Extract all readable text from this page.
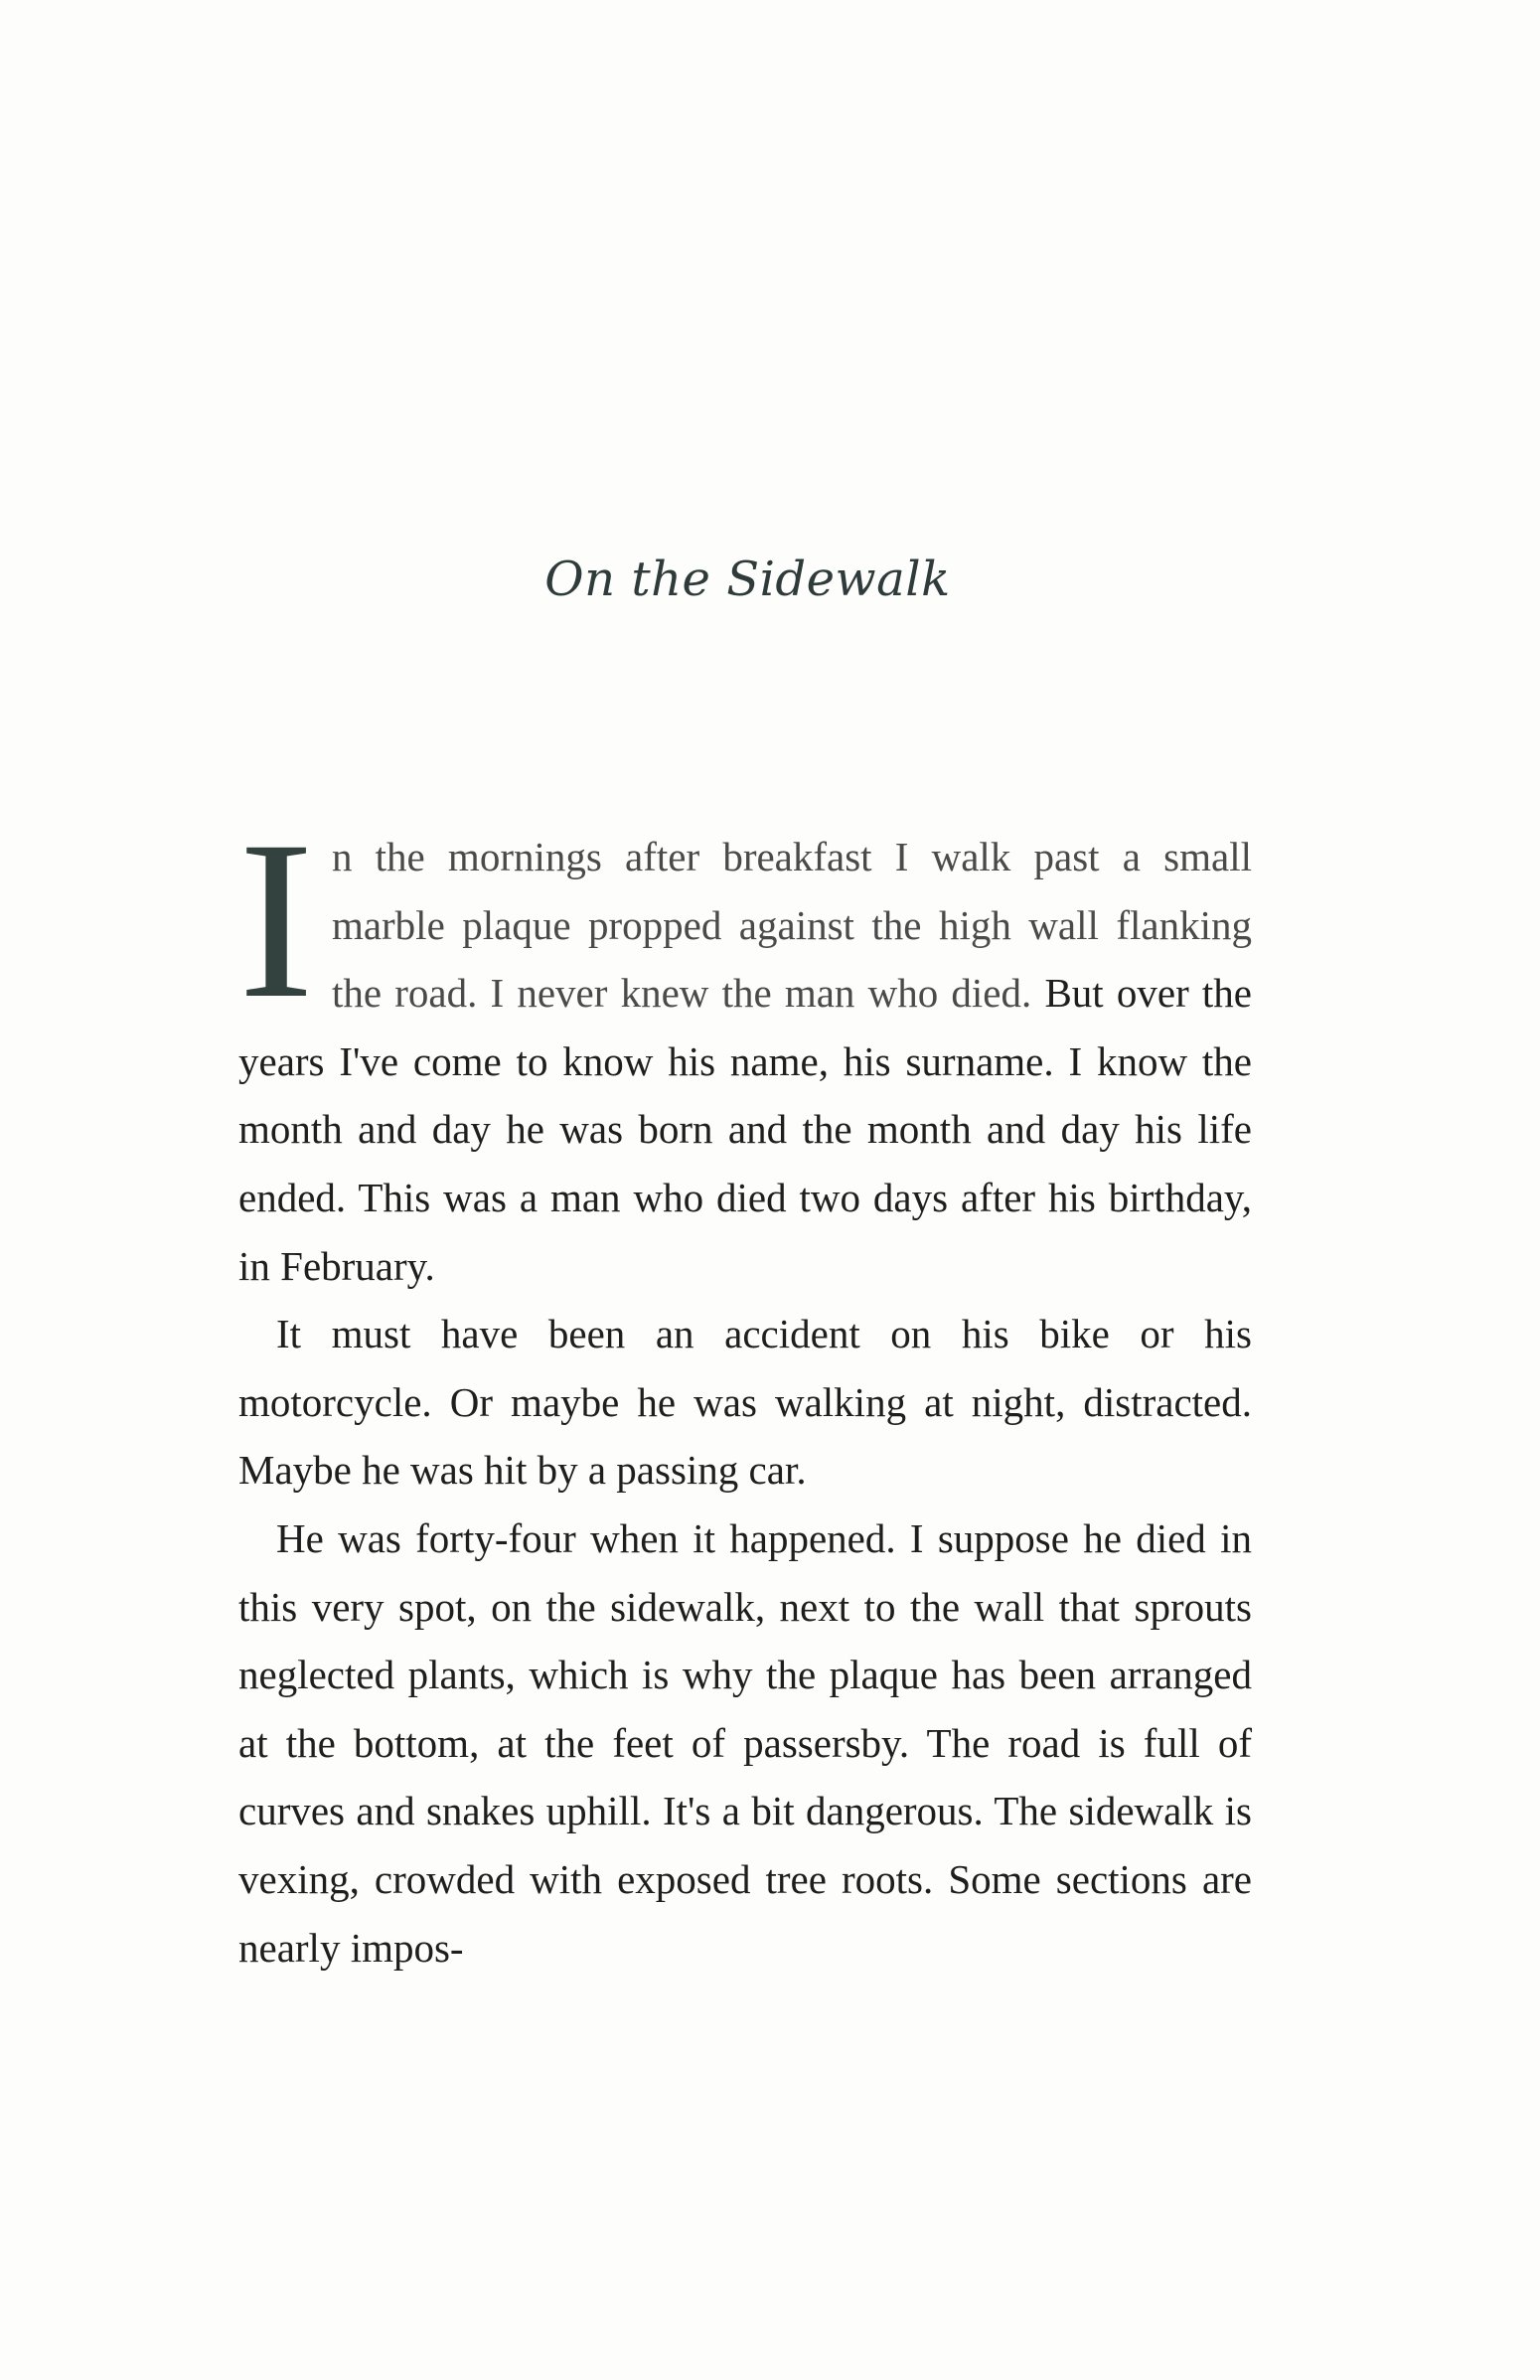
On the Sidewalk

In the mornings after breakfast I walk past a small marble plaque propped against the high wall flanking the road. I never knew the man who died. But over the years I've come to know his name, his surname. I know the month and day he was born and the month and day his life ended. This was a man who died two days after his birthday, in February.

It must have been an accident on his bike or his motorcycle. Or maybe he was walking at night, distracted. Maybe he was hit by a passing car.

He was forty-four when it happened. I suppose he died in this very spot, on the sidewalk, next to the wall that sprouts neglected plants, which is why the plaque has been arranged at the bottom, at the feet of passersby. The road is full of curves and snakes uphill. It's a bit dangerous. The sidewalk is vexing, crowded with exposed tree roots. Some sections are nearly impos-
